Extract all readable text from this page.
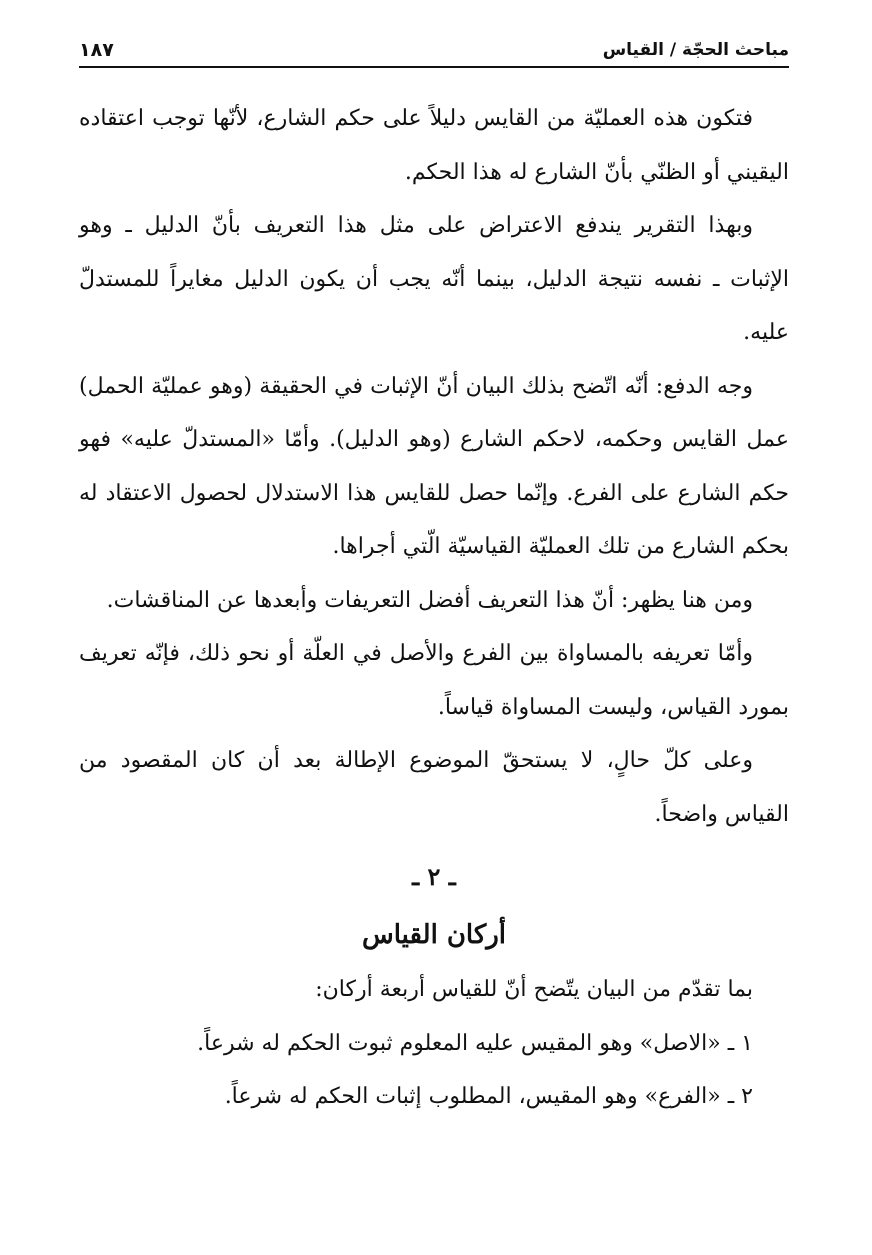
مباحث الحجّة / القياس
١٨٧

فتكون هذه العمليّة من القايس دليلاً على حكم الشارع، لأنّها توجب اعتقاده اليقيني أو الظنّي بأنّ الشارع له هذا الحكم.

وبهذا التقرير يندفع الاعتراض على مثل هذا التعريف بأنّ الدليل ـ وهو الإثبات ـ نفسه نتيجة الدليل، بينما أنّه يجب أن يكون الدليل مغايراً للمستدلّ عليه.

وجه الدفع: أنّه اتّضح بذلك البيان أنّ الإثبات في الحقيقة (وهو عمليّة الحمل) عمل القايس وحكمه، لاحكم الشارع (وهو الدليل). وأمّا «المستدلّ عليه» فهو حكم الشارع على الفرع. وإنّما حصل للقايس هذا الاستدلال لحصول الاعتقاد له بحكم الشارع من تلك العمليّة القياسيّة الّتي أجراها.

ومن هنا يظهر: أنّ هذا التعريف أفضل التعريفات وأبعدها عن المناقشات.

وأمّا تعريفه بالمساواة بين الفرع والأصل في العلّة أو نحو ذلك، فإنّه تعريف بمورد القياس، وليست المساواة قياساً.

وعلى كلّ حالٍ، لا يستحقّ الموضوع الإطالة بعد أن كان المقصود من القياس واضحاً.

ـ ٢ ـ
أركان القياس

بما تقدّم من البيان يتّضح أنّ للقياس أربعة أركان:

١ ـ «الاصل» وهو المقيس عليه المعلوم ثبوت الحكم له شرعاً.

٢ ـ «الفرع» وهو المقيس، المطلوب إثبات الحكم له شرعاً.
